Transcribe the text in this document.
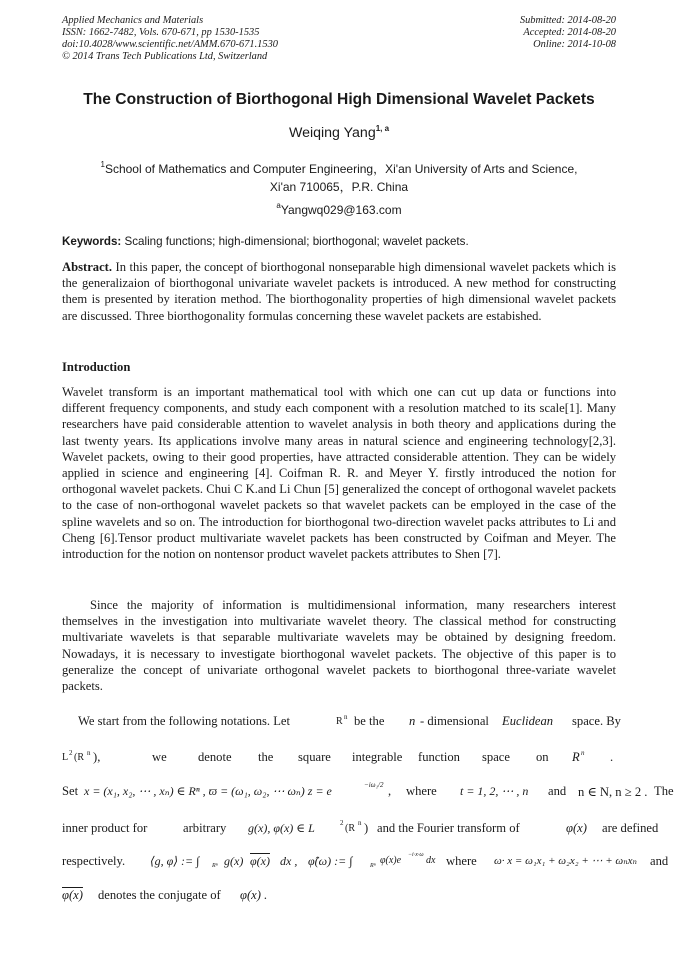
Applied Mechanics and Materials
ISSN: 1662-7482, Vols. 670-671, pp 1530-1535
doi:10.4028/www.scientific.net/AMM.670-671.1530
© 2014 Trans Tech Publications Ltd, Switzerland
Submitted: 2014-08-20
Accepted: 2014-08-20
Online: 2014-10-08
The Construction of Biorthogonal High Dimensional Wavelet Packets
Weiqing Yang$^{1, a}$
$^1$School of Mathematics and Computer Engineering，Xi'an University of Arts and Science,
Xi'an 710065，P.R. China
$^a$Yangwq029@163.com
Keywords: Scaling functions; high-dimensional; biorthogonal; wavelet packets.
Abstract. In this paper, the concept of biorthogonal nonseparable high dimensional wavelet packets which is the generalizaion of biorthogonal univariate wavelet packets is introduced. A new method for constructing them is presented by iteration method. The biorthogonality properties of high dimensional wavelet packets are discussed. Three biorthogonality formulas concerning these wavelet packets are estabished.
Introduction
Wavelet transform is an important mathematical tool with which one can cut up data or functions into different frequency components, and study each component with a resolution matched to its scale[1]. Many researchers have paid considerable attention to wavelet analysis in both theory and applications during the last twenty years. Its applications involve many areas in natural science and engineering technology[2,3]. Wavelet packets, owing to their good properties, have attracted considerable attention. They can be widely applied in science and engineering [4]. Coifman R. R. and Meyer Y. firstly introduced the notion for orthogonal wavelet packets. Chui C K.and Li Chun [5] generalized the concept of orthogonal wavelet packets to the case of non-orthogonal wavelet packets so that wavelet packets can be employed in the case of the spline wavelets and so on. The introduction for biorthogonal two-direction wavelet packs attributes to Li and Cheng [6].Tensor product multivariate wavelet packets has been constructed by Coifman and Meyer. The introduction for the notion on nontensor product wavelet packets attributes to Shen [7].
Since the majority of information is multidimensional information, many researchers interest themselves in the investigation into multivariate wavelet theory. The classical method for constructing multivariate wavelets is that separable multivariate wavelets may be obtained by designing freedom. Nowadays, it is necessary to investigate biorthogonal wavelet packets. The objective of this paper is to generalize the concept of univariate orthogonal wavelet packets to biorthogonal three-variate wavelet packets.
We start from the following notations. Let	R n be the n - dimensional Euclidean space. By
L 2 (R n ),	we denote the square integrable function space on R n .
Set x = (x₁, x₂, ⋯ , xₙ) ∈ Rⁿ , ϖ = (ω₁, ω₂, ⋯ ωₙ) z = e	−iω₁/2 , where t = 1, 2, ⋯ , n and n ∈ N, n ≥ 2 . The
inner product for	arbitrary g(x), φ(x) ∈ L	2 (R n ) and the Fourier transform of	φ(x) are defined
respectively. ⟨g, φ⟩ := ∫ Rⁿ g(x) φ(x) dx , φ̂(ω) := ∫	Rⁿ φ(x)e −i·x·ω dx where ω· x = ω₁x₁ + ω₂x₂ + ⋯ + ωₙxₙ and
φ(x) denotes the conjugate of φ(x) .
